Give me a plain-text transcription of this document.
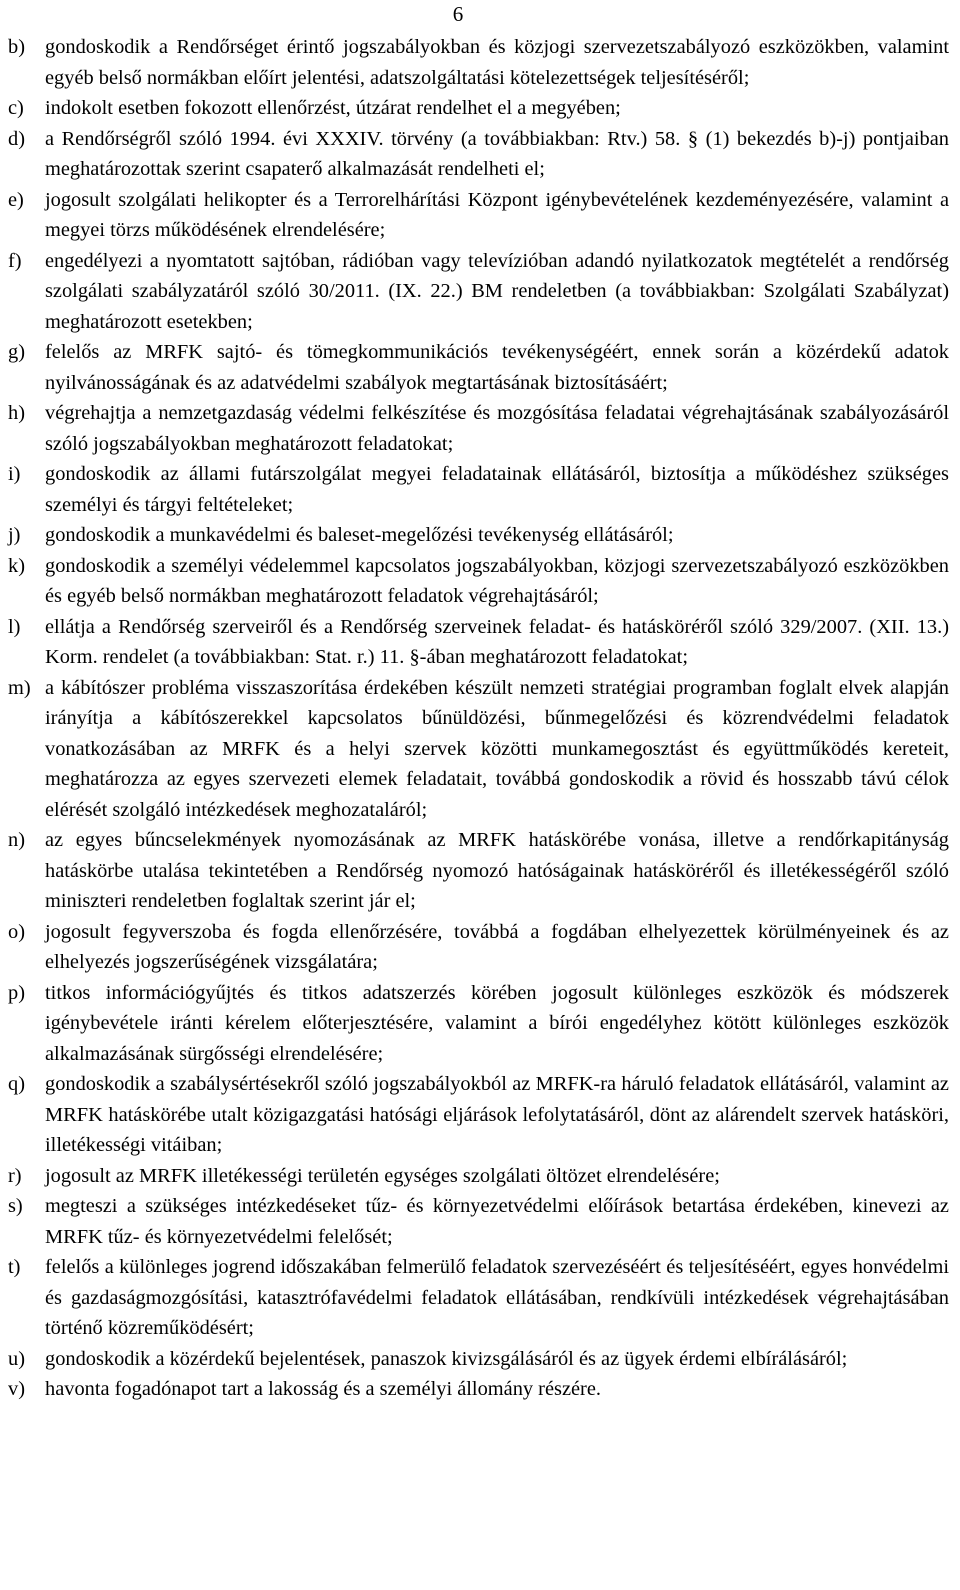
6
b) gondoskodik a Rendőrséget érintő jogszabályokban és közjogi szervezetszabályozó eszközökben, valamint egyéb belső normákban előírt jelentési, adatszolgáltatási kötelezettségek teljesítéséről;
c)	indokolt esetben fokozott ellenőrzést, útzárat rendelhet el a megyében;
d) a Rendőrségről szóló 1994. évi XXXIV. törvény (a továbbiakban: Rtv.) 58. § (1) bekezdés b)-j) pontjaiban meghatározottak szerint csapaterő alkalmazását rendelheti el;
e)	jogosult szolgálati helikopter és a Terrorelhárítási Központ igénybevételének kezdeményezésére, valamint a megyei törzs működésének elrendelésére;
f)	engedélyezi a nyomtatott sajtóban, rádióban vagy televízióban adandó nyilatkozatok megtételét a rendőrség szolgálati szabályzatáról szóló 30/2011. (IX. 22.) BM rendeletben (a továbbiakban: Szolgálati Szabályzat) meghatározott esetekben;
g) felelős az MRFK sajtó- és tömegkommunikációs tevékenységéért, ennek során a közérdekű adatok nyilvánosságának és az adatvédelmi szabályok megtartásának biztosításáért;
h) végrehajtja a nemzetgazdaság védelmi felkészítése és mozgósítása feladatai végrehajtásának szabályozásáról szóló jogszabályokban meghatározott feladatokat;
i)	gondoskodik az állami futárszolgálat megyei feladatainak ellátásáról, biztosítja a működéshez szükséges személyi és tárgyi feltételeket;
j)	gondoskodik a munkavédelmi és baleset-megelőzési tevékenység ellátásáról;
k) gondoskodik a személyi védelemmel kapcsolatos jogszabályokban, közjogi szervezetszabályozó eszközökben és egyéb belső normákban meghatározott feladatok végrehajtásáról;
l)	ellátja a Rendőrség szerveiről és a Rendőrség szerveinek feladat- és hatásköréről szóló 329/2007. (XII. 13.) Korm. rendelet (a továbbiakban: Stat. r.) 11. §-ában meghatározott feladatokat;
m) a kábítószer probléma visszaszorítása érdekében készült nemzeti stratégiai programban foglalt elvek alapján irányítja a kábítószerekkel kapcsolatos bűnüldözési, bűnmegelőzési és közrendvédelmi feladatok vonatkozásában az MRFK és a helyi szervek közötti munkamegosztást és együttműködés kereteit, meghatározza az egyes szervezeti elemek feladatait, továbbá gondoskodik a rövid és hosszabb távú célok elérését szolgáló intézkedések meghozataláról;
n) az egyes bűncselekmények nyomozásának az MRFK hatáskörébe vonása, illetve a rendőrkapitányság hatáskörbe utalása tekintetében a Rendőrség nyomozó hatóságainak hatásköréről és illetékességéről szóló miniszteri rendeletben foglaltak szerint jár el;
o) jogosult fegyverszoba és fogda ellenőrzésére, továbbá a fogdában elhelyezettek körülményeinek és az elhelyezés jogszerűségének vizsgálatára;
p) titkos információgyűjtés és titkos adatszerzés körében jogosult különleges eszközök és módszerek igénybevétele iránti kérelem előterjesztésére, valamint a bírói engedélyhez kötött különleges eszközök alkalmazásának sürgősségi elrendelésére;
q) gondoskodik a szabálysértésekről szóló jogszabályokból az MRFK-ra háruló feladatok ellátásáról, valamint az MRFK hatáskörébe utalt közigazgatási hatósági eljárások lefolytatásáról, dönt az alárendelt szervek hatásköri, illetékességi vitáiban;
r)	jogosult az MRFK illetékességi területén egységes szolgálati öltözet elrendelésére;
s)	megteszi a szükséges intézkedéseket tűz- és környezetvédelmi előírások betartása érdekében, kinevezi az MRFK tűz- és környezetvédelmi felelősét;
t)	felelős a különleges jogrend időszakában felmerülő feladatok szervezéséért és teljesítéséért, egyes honvédelmi és gazdaságmozgósítási, katasztrófavédelmi feladatok ellátásában, rendkívüli intézkedések végrehajtásában történő közreműködésért;
u) gondoskodik a közérdekű bejelentések, panaszok kivizsgálásáról és az ügyek érdemi elbírálásáról;
v) havonta fogadónapot tart a lakosság és a személyi állomány részére.
